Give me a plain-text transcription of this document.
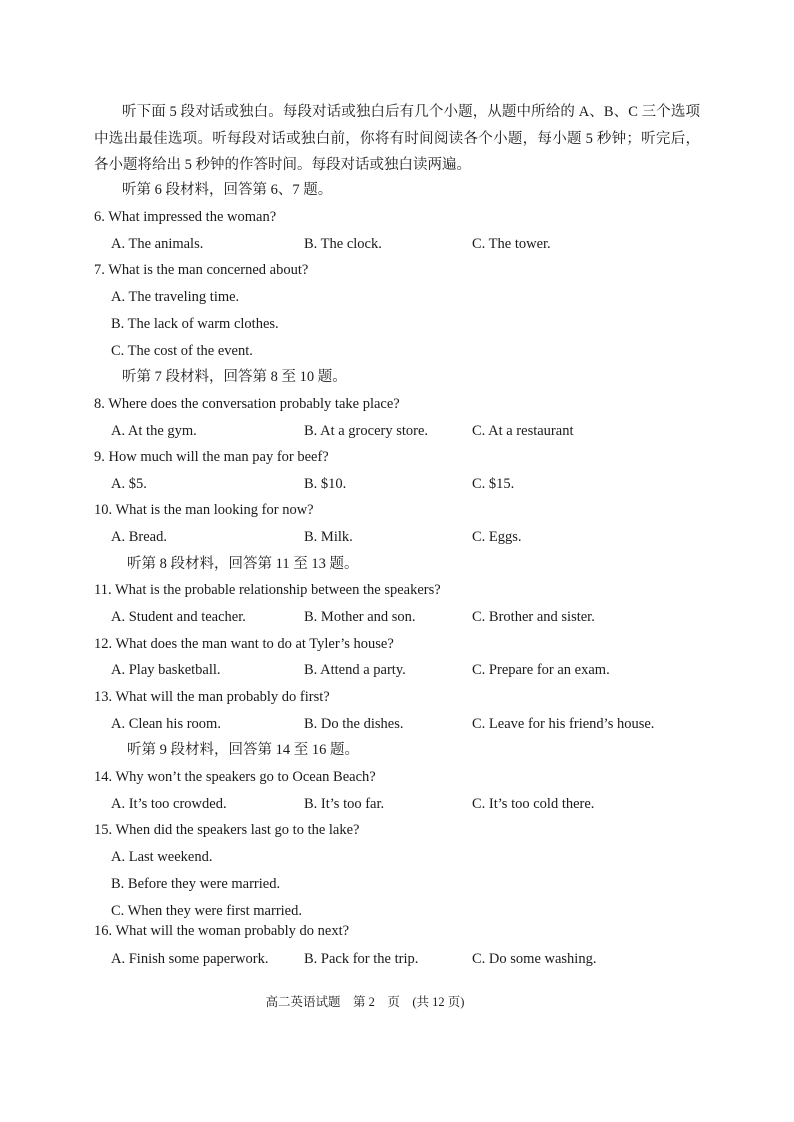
听下面 5 段对话或独白。每段对话或独白后有几个小题，从题中所给的 A、B、C 三个选项中选出最佳选项。听每段对话或独白前，你将有时间阅读各个小题，每小题 5 秒钟；听完后，各小题将给出 5 秒钟的作答时间。每段对话或独白读两遍。
听第 6 段材料，回答第 6、7 题。
6. What impressed the woman?
A. The animals.	B. The clock.	C. The tower.
7. What is the man concerned about?
A. The traveling time.
B. The lack of warm clothes.
C. The cost of the event.
听第 7 段材料，回答第 8 至 10 题。
8. Where does the conversation probably take place?
A. At the gym.	B. At a grocery store.	C. At a restaurant
9. How much will the man pay for beef?
A. $5.	B. $10.	C. $15.
10. What is the man looking for now?
A. Bread.	B. Milk.	C. Eggs.
听第 8 段材料，回答第 11 至 13 题。
11. What is the probable relationship between the speakers?
A. Student and teacher.	B. Mother and son.	C. Brother and sister.
12. What does the man want to do at Tyler’s house?
A. Play basketball.	B. Attend a party.	C. Prepare for an exam.
13. What will the man probably do first?
A. Clean his room.	B. Do the dishes.	C. Leave for his friend’s house.
听第 9 段材料，回答第 14 至 16 题。
14. Why won’t the speakers go to Ocean Beach?
A. It’s too crowded.	B. It’s too far.	C. It’s too cold there.
15. When did the speakers last go to the lake?
A. Last weekend.
B. Before they were married.
C. When they were first married.
16. What will the woman probably do next?
A. Finish some paperwork. B. Pack for the trip.	C. Do some washing.
高二英语试题　第 2　页　(共 12 页)
